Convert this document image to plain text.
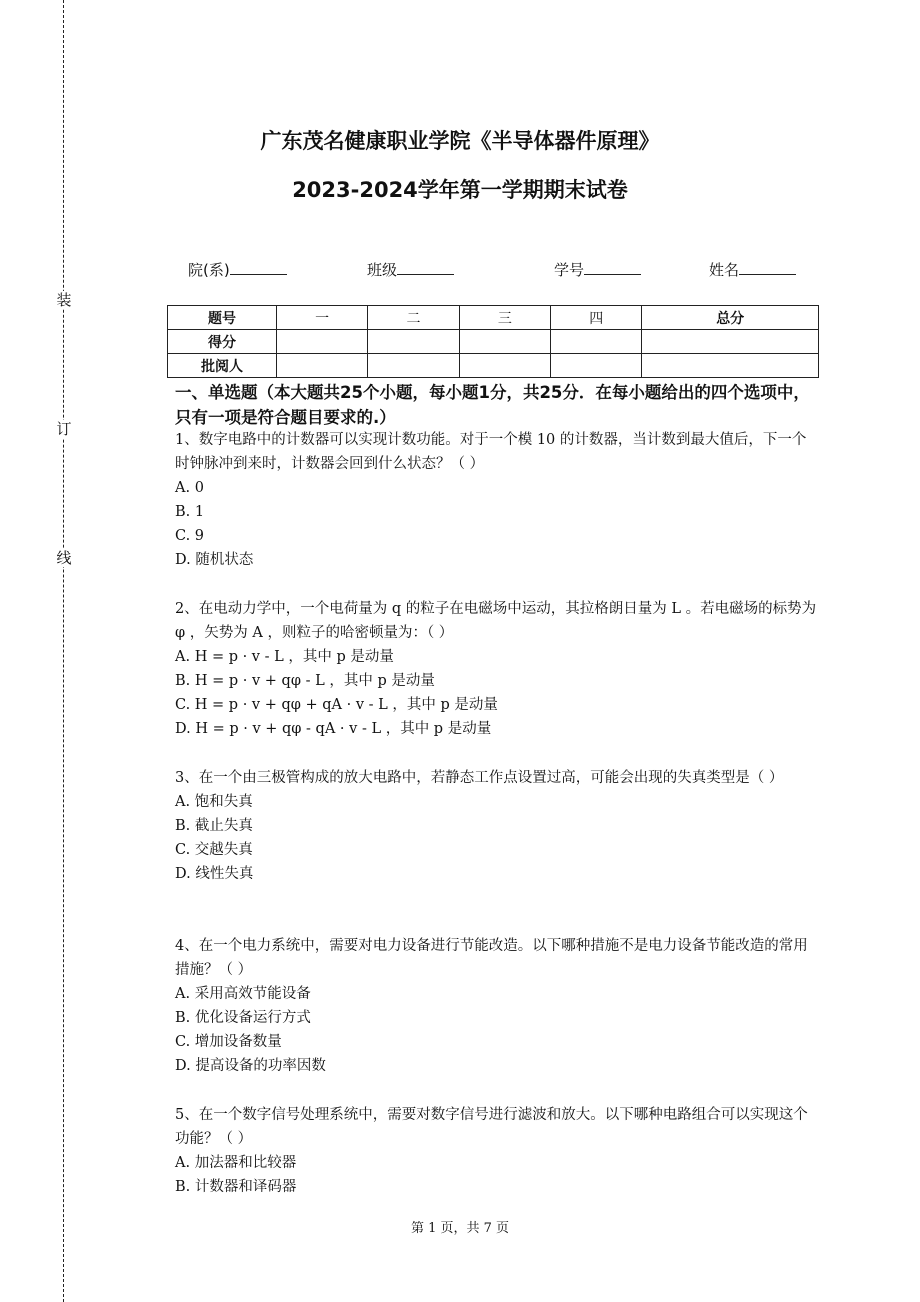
装
订
线
广东茂名健康职业学院《半导体器件原理》
2023-2024学年第一学期期末试卷
院(系)	班级	学号	姓名
题号	一	二	三	四	总分
得分					
批阅人					
一、单选题（本大题共25个小题，每小题1分，共25分．在每小题给出的四个选项中，只有一项是符合题目要求的.）

1、数字电路中的计数器可以实现计数功能。对于一个模 10 的计数器，当计数到最大值后，下一个时钟脉冲到来时，计数器会回到什么状态？（ ）

A. 0

B. 1

C. 9

D. 随机状态

2、在电动力学中，一个电荷量为 q 的粒子在电磁场中运动，其拉格朗日量为 L 。若电磁场的标势为 φ ，矢势为 A ，则粒子的哈密顿量为：（ ）

A. H = p · v - L ，其中 p 是动量

B. H = p · v + qφ - L ，其中 p 是动量

C. H = p · v + qφ + qA · v - L ，其中 p 是动量

D. H = p · v + qφ - qA · v - L ，其中 p 是动量

3、在一个由三极管构成的放大电路中，若静态工作点设置过高，可能会出现的失真类型是（ ）

A. 饱和失真

B. 截止失真

C. 交越失真

D. 线性失真

4、在一个电力系统中，需要对电力设备进行节能改造。以下哪种措施不是电力设备节能改造的常用措施？（ ）

A. 采用高效节能设备

B. 优化设备运行方式

C. 增加设备数量

D. 提高设备的功率因数

5、在一个数字信号处理系统中，需要对数字信号进行滤波和放大。以下哪种电路组合可以实现这个功能？（ ）

A. 加法器和比较器

B. 计数器和译码器

第 1 页，共 7 页
